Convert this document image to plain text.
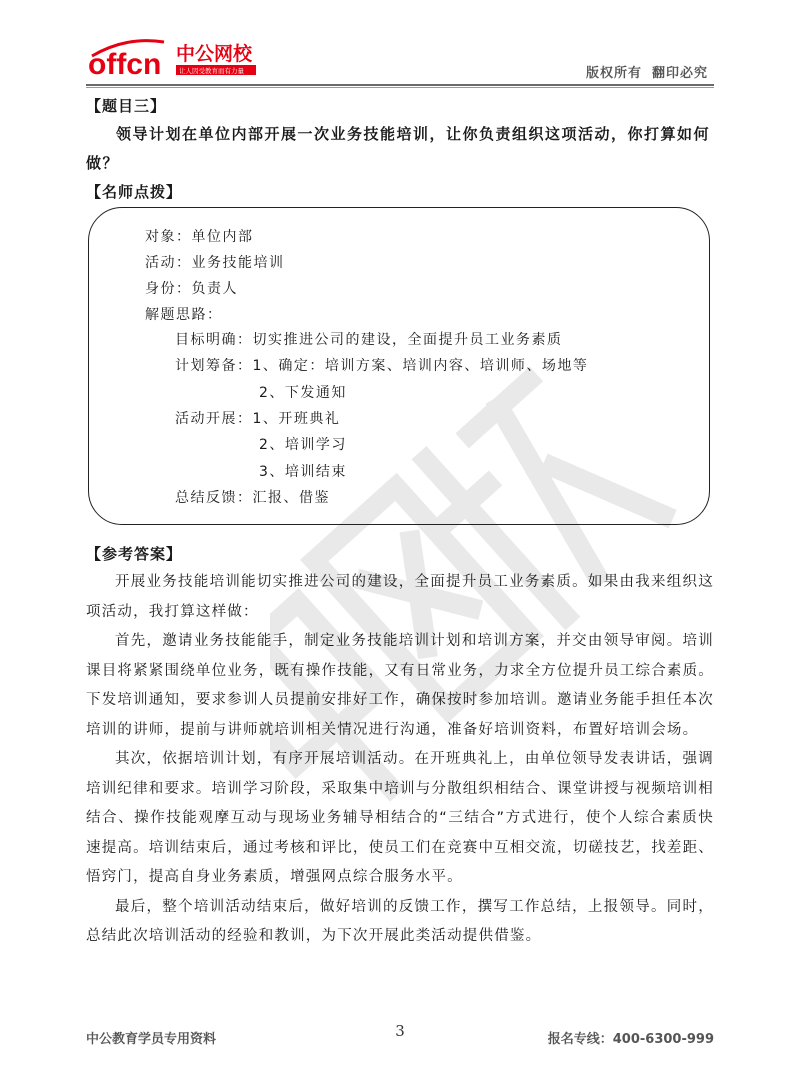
offcn 中公网校
让人因受教育而有力量	版权所有 翻印必究
【题目三】

领导计划在单位内部开展一次业务技能培训，让你负责组织这项活动，你打算如何做？

【名师点拨】
对象：单位内部
活动：业务技能培训
身份：负责人
解题思路：
目标明确：切实推进公司的建设，全面提升员工业务素质
计划筹备：1、确定：培训方案、培训内容、培训师、场地等
2、下发通知
活动开展：1、开班典礼
2、培训学习
3、培训结束
总结反馈：汇报、借鉴
【参考答案】

开展业务技能培训能切实推进公司的建设，全面提升员工业务素质。如果由我来组织这项活动，我打算这样做：

首先，邀请业务技能能手，制定业务技能培训计划和培训方案，并交由领导审阅。培训课目将紧紧围绕单位业务，既有操作技能，又有日常业务，力求全方位提升员工综合素质。下发培训通知，要求参训人员提前安排好工作，确保按时参加培训。邀请业务能手担任本次培训的讲师，提前与讲师就培训相关情况进行沟通，准备好培训资料，布置好培训会场。

其次，依据培训计划，有序开展培训活动。在开班典礼上，由单位领导发表讲话，强调培训纪律和要求。培训学习阶段，采取集中培训与分散组织相结合、课堂讲授与视频培训相结合、操作技能观摩互动与现场业务辅导相结合的“三结合”方式进行，使个人综合素质快速提高。培训结束后，通过考核和评比，使员工们在竞赛中互相交流，切磋技艺，找差距、悟窍门，提高自身业务素质，增强网点综合服务水平。

最后，整个培训活动结束后，做好培训的反馈工作，撰写工作总结，上报领导。同时，总结此次培训活动的经验和教训，为下次开展此类活动提供借鉴。

中公教育学员专用资料	3	报名专线：400-6300-999
